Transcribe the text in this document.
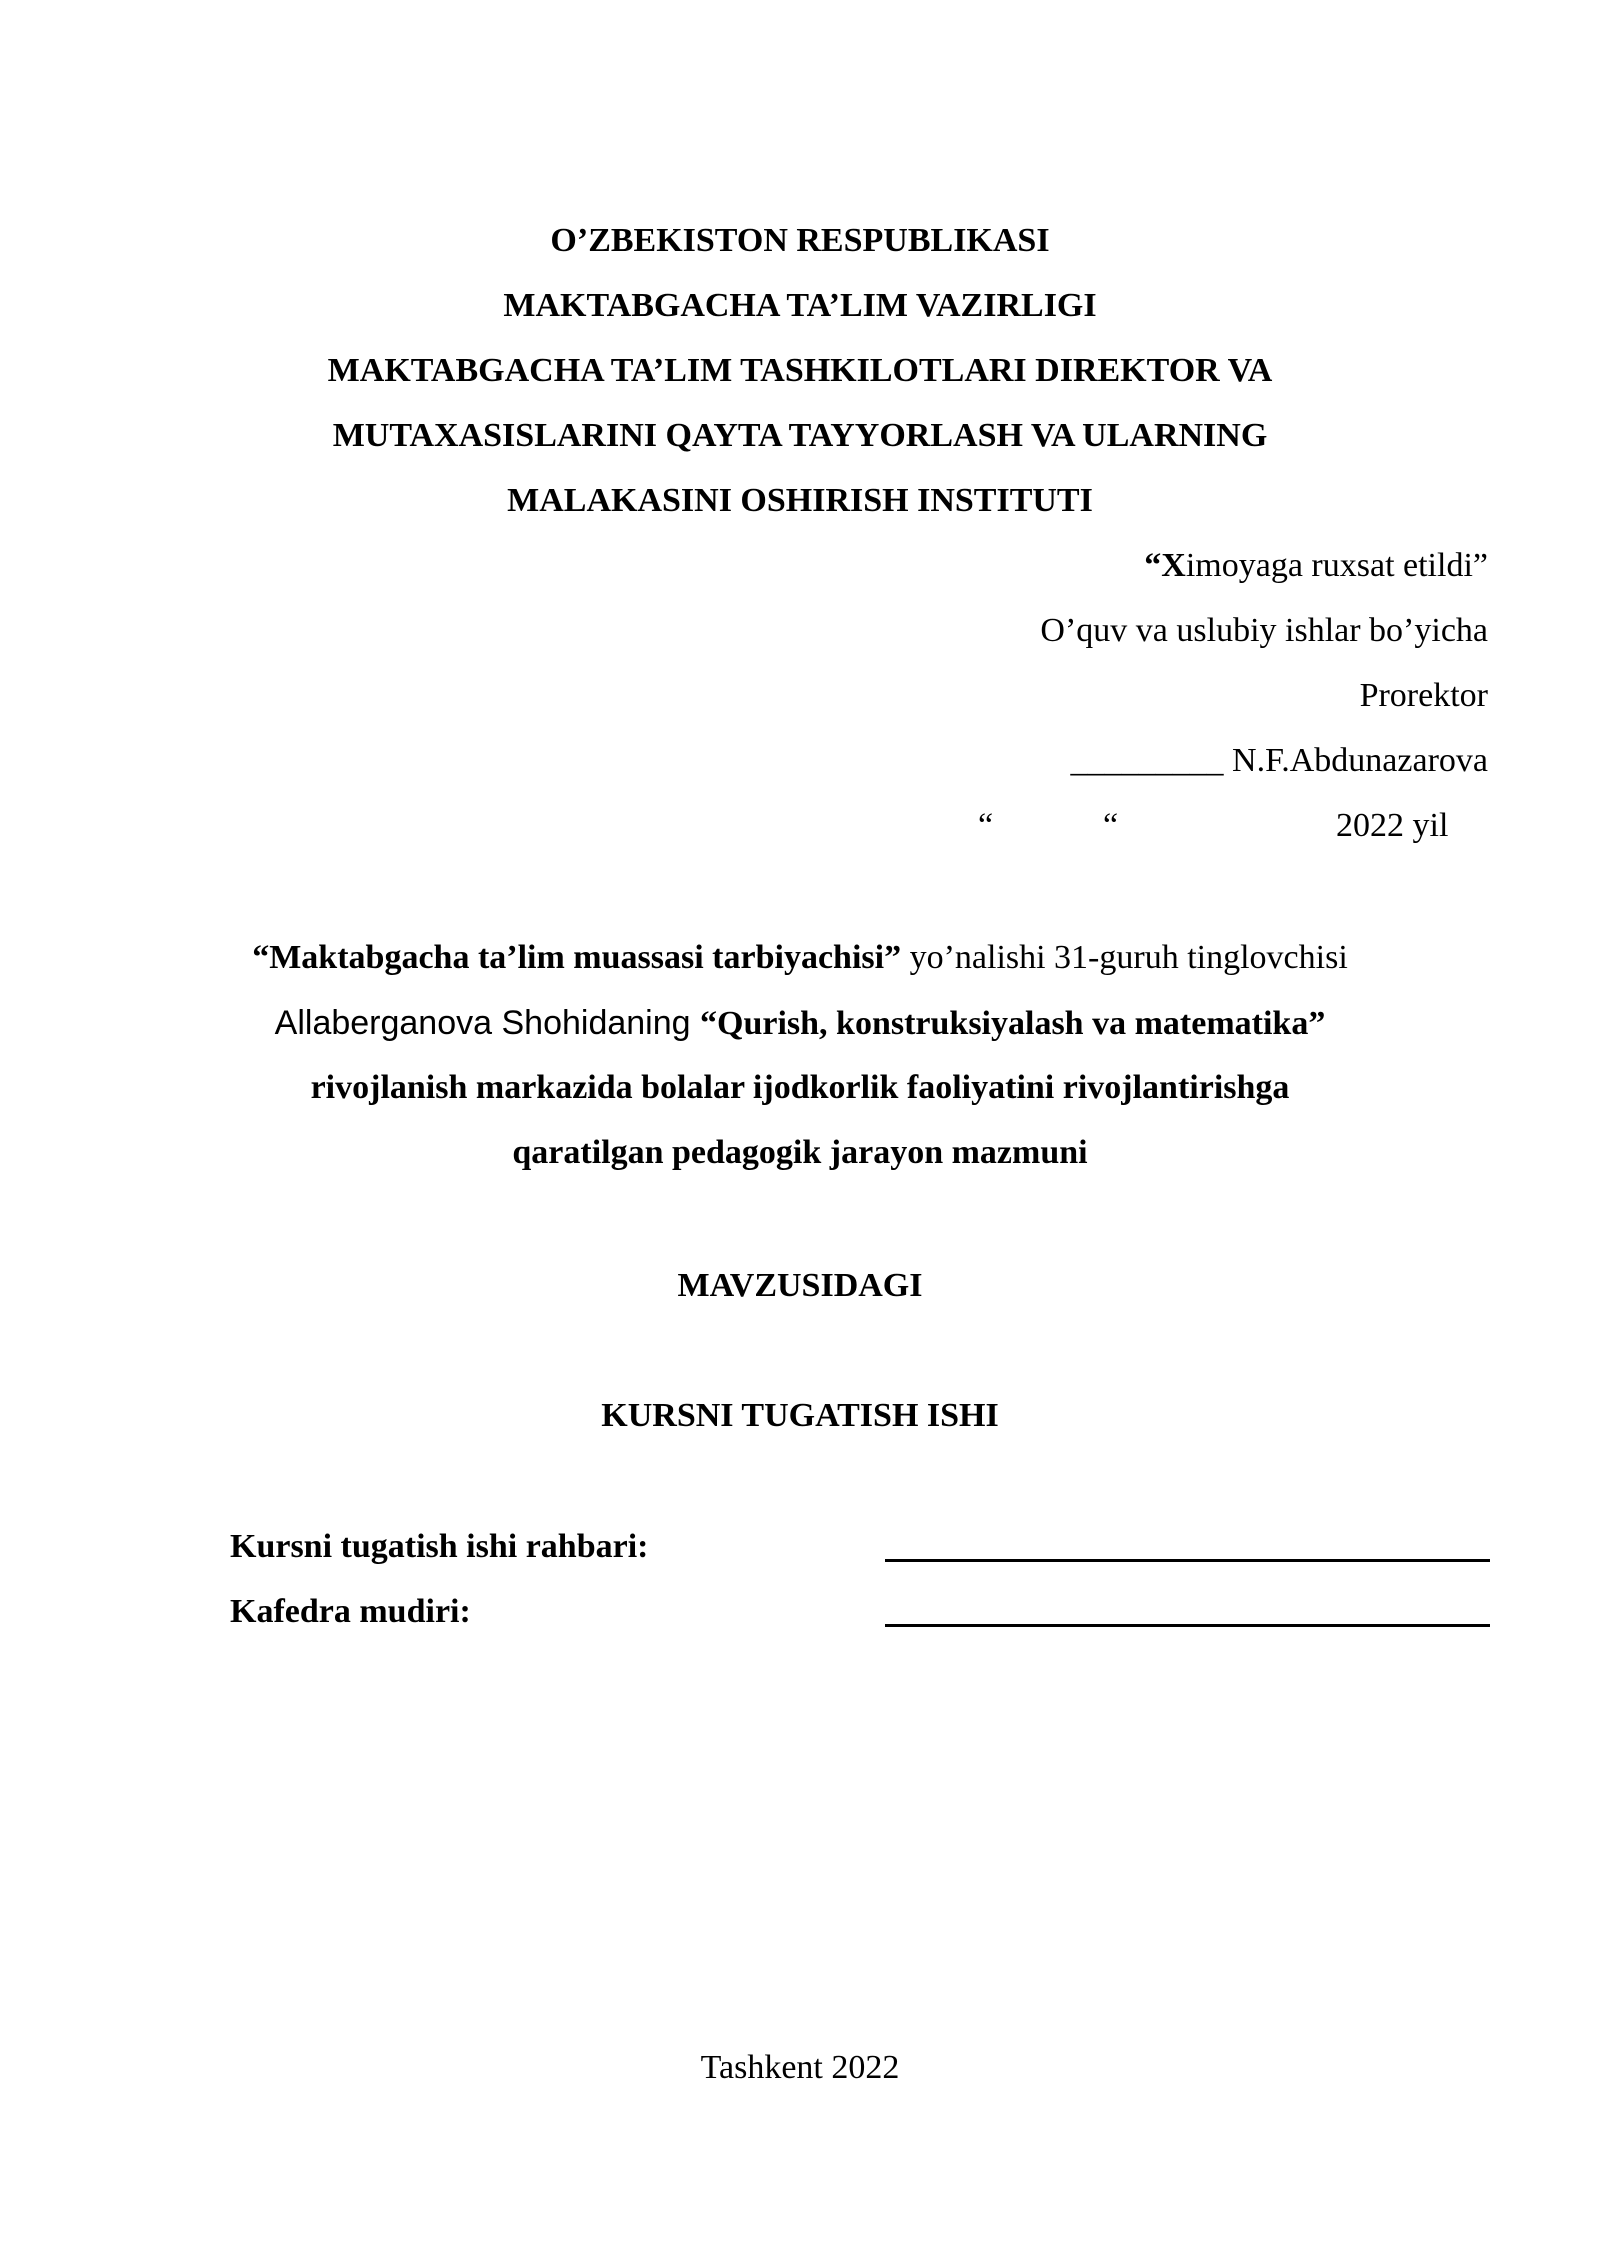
O’ZBEKISTON RESPUBLIKASI
MAKTABGACHA TA’LIM VAZIRLIGI
MAKTABGACHA TA’LIM TASHKILOTLARI DIREKTOR VA
MUTAXASISLARINI QAYTA TAYYORLASH VA ULARNING
MALAKASINI OSHIRISH INSTITUTI
“Ximoyaga ruxsat etildi”
O’quv va uslubiy ishlar bo’yicha
Prorektor
_________ N.F.Abdunazarova
“	“	2022 yil
“Maktabgacha ta’lim muassasi tarbiyachisi” yo’nalishi 31-guruh tinglovchisi
Allaberganova Shohidaning “Qurish, konstruksiyalash va matematika”
rivojlanish markazida bolalar ijodkorlik faoliyatini rivojlantirishga
qaratilgan pedagogik jarayon mazmuni
MAVZUSIDAGI
KURSNI TUGATISH ISHI
Kursni tugatish ishi rahbari:
Kafedra mudiri:
Tashkent 2022
